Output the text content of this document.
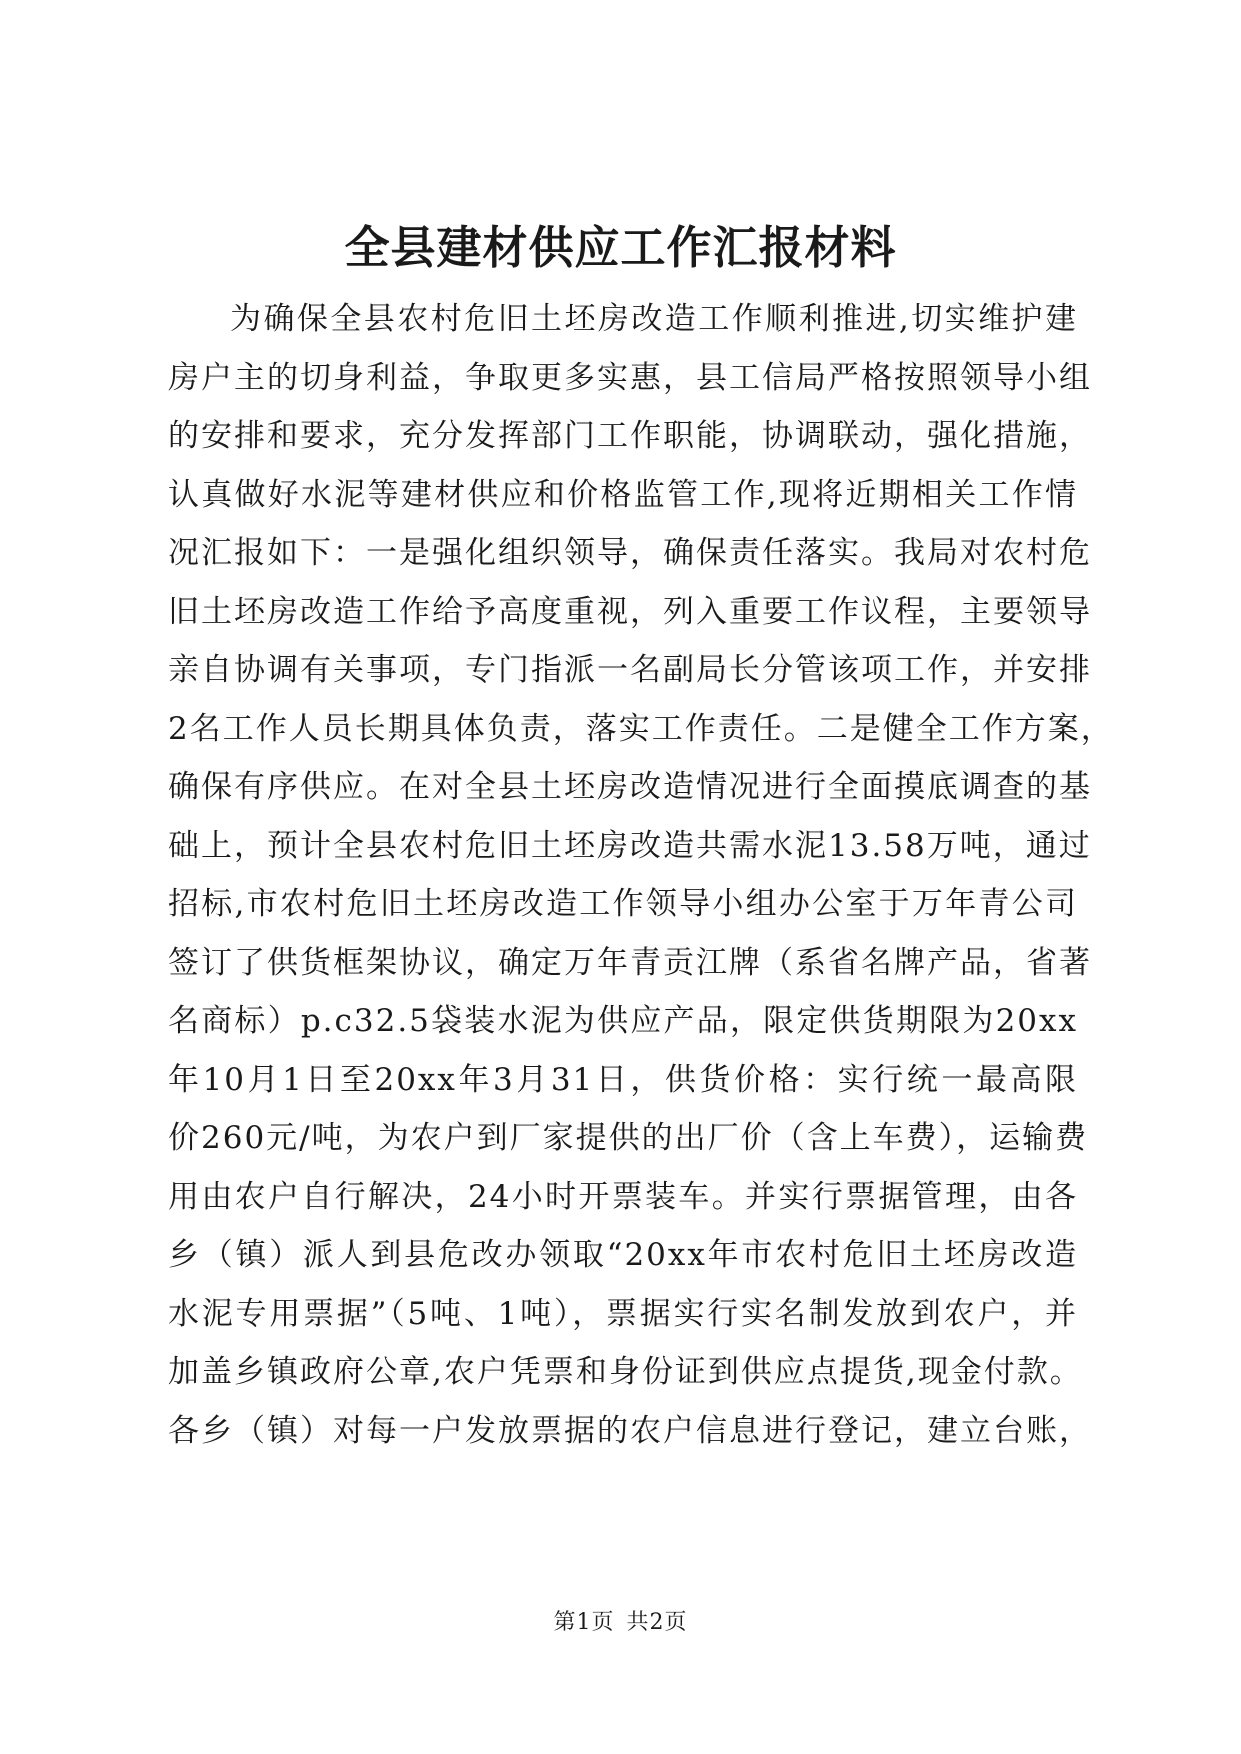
全县建材供应工作汇报材料
为确保全县农村危旧土坯房改造工作顺利推进,切实维护建
房户主的切身利益，争取更多实惠，县工信局严格按照领导小组
的安排和要求，充分发挥部门工作职能，协调联动，强化措施，
认真做好水泥等建材供应和价格监管工作,现将近期相关工作情
况汇报如下：一是强化组织领导，确保责任落实。我局对农村危
旧土坯房改造工作给予高度重视，列入重要工作议程，主要领导
亲自协调有关事项，专门指派一名副局长分管该项工作，并安排
2名工作人员长期具体负责，落实工作责任。二是健全工作方案，
确保有序供应。在对全县土坯房改造情况进行全面摸底调查的基
础上，预计全县农村危旧土坯房改造共需水泥13.58万吨，通过
招标,市农村危旧土坯房改造工作领导小组办公室于万年青公司
签订了供货框架协议，确定万年青贡江牌（系省名牌产品，省著
名商标）p.c32.5袋装水泥为供应产品，限定供货期限为20xx
年10月1日至20xx年3月31日，供货价格：实行统一最高限
价260元/吨，为农户到厂家提供的出厂价（含上车费），运输费
用由农户自行解决，24小时开票装车。并实行票据管理，由各
乡（镇）派人到县危改办领取“20xx年市农村危旧土坯房改造
水泥专用票据”（5吨、1吨），票据实行实名制发放到农户，并
加盖乡镇政府公章,农户凭票和身份证到供应点提货,现金付款。
各乡（镇）对每一户发放票据的农户信息进行登记，建立台账，
第1页 共2页
